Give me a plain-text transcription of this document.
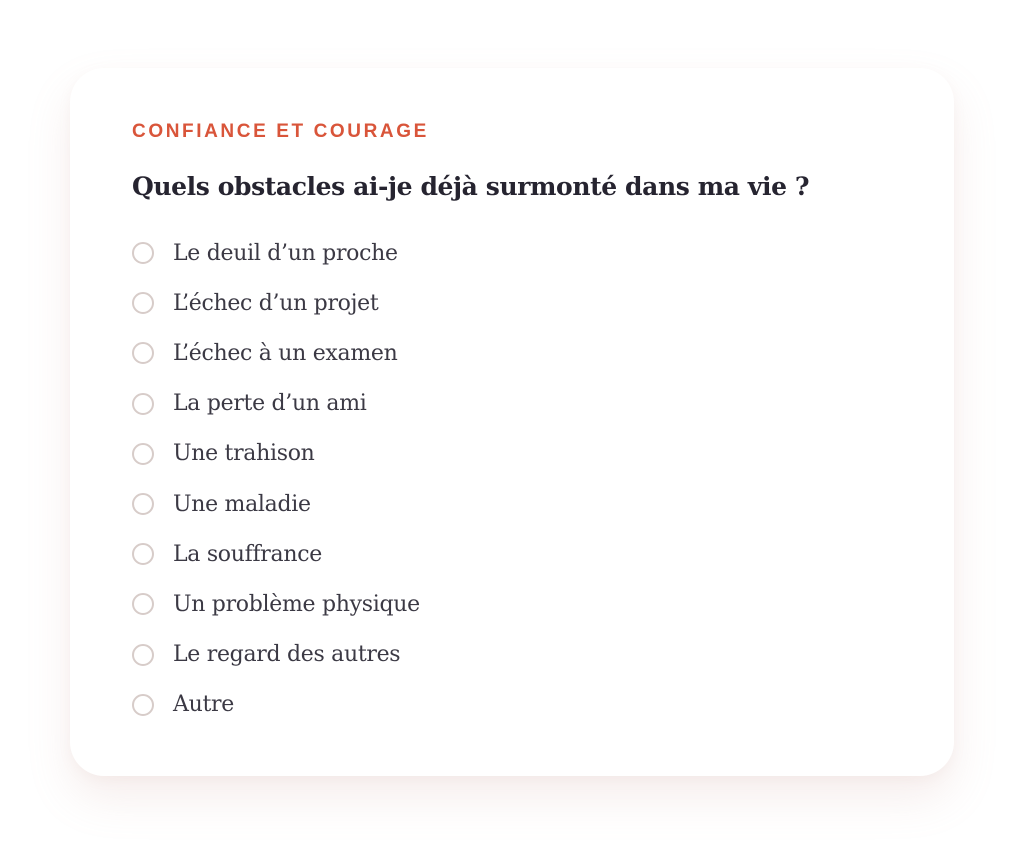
CONFIANCE ET COURAGE

Quels obstacles ai-je déjà surmonté dans ma vie ?
Le deuil d’un proche
L’échec d’un projet
L’échec à un examen
La perte d’un ami
Une trahison
Une maladie
La souffrance
Un problème physique
Le regard des autres
Autre
